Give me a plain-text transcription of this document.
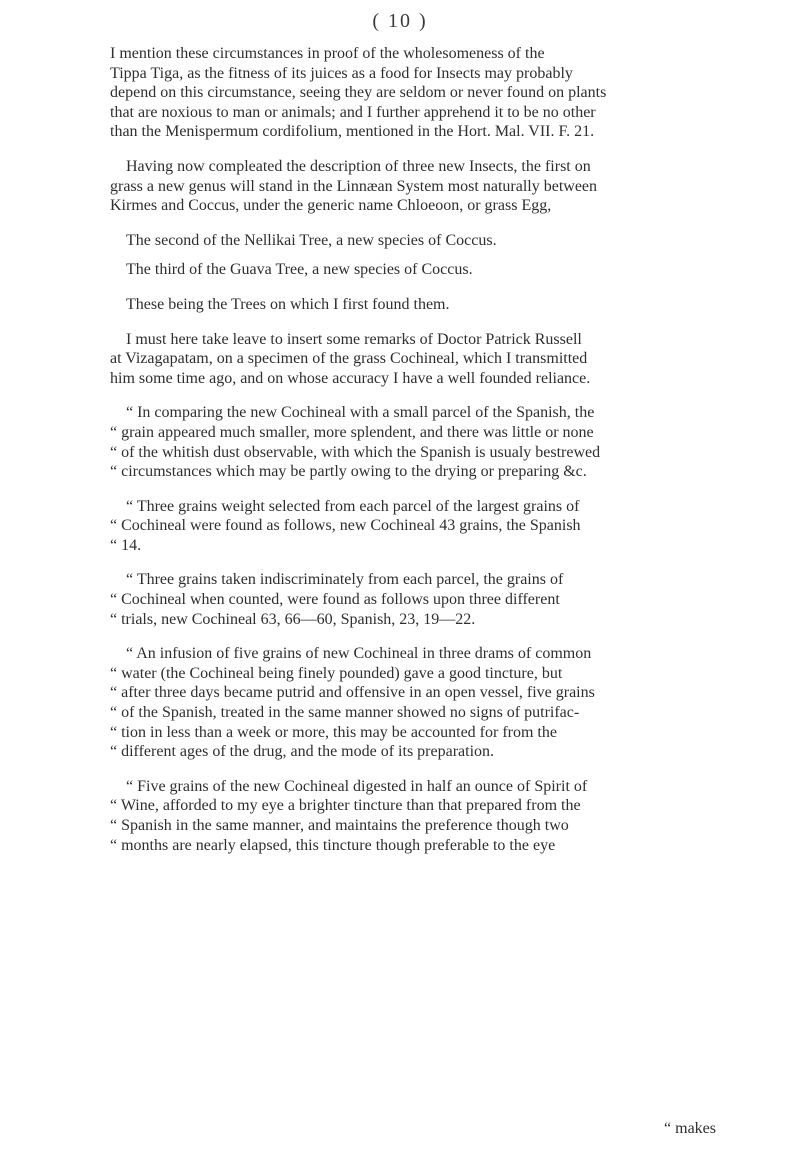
( 10 )
I mention these circumstances in proof of the wholesomeness of the
Tippa Tiga, as the fitness of its juices as a food for Insects may probably
depend on this circumstance, seeing they are seldom or never found on plants
that are noxious to man or animals; and I further apprehend it to be no other
than the Menispermum cordifolium, mentioned in the Hort. Mal. VII. F. 21.
Having now compleated the description of three new Insects, the first on
grass a new genus will stand in the Linnæan System most naturally between
Kirmes and Coccus, under the generic name Chloeoon, or grass Egg,
The second of the Nellikai Tree, a new species of Coccus.
The third of the Guava Tree, a new species of Coccus.
These being the Trees on which I first found them.
I must here take leave to insert some remarks of Doctor Patrick Russell
at Vizagapatam, on a specimen of the grass Cochineal, which I transmitted
him some time ago, and on whose accuracy I have a well founded reliance.
“ In comparing the new Cochineal with a small parcel of the Spanish, the
“ grain appeared much smaller, more splendent, and there was little or none
“ of the whitish dust observable, with which the Spanish is usualy bestrewed
“ circumstances which may be partly owing to the drying or preparing &c.
“ Three grains weight selected from each parcel of the largest grains of
“ Cochineal were found as follows, new Cochineal 43 grains, the Spanish
“ 14.
“ Three grains taken indiscriminately from each parcel, the grains of
“ Cochineal when counted, were found as follows upon three different
“ trials, new Cochineal 63, 66—60, Spanish, 23, 19—22.
“ An infusion of five grains of new Cochineal in three drams of common
“ water (the Cochineal being finely pounded) gave a good tincture, but
“ after three days became putrid and offensive in an open vessel, five grains
“ of the Spanish, treated in the same manner showed no signs of putrifac-
“ tion in less than a week or more, this may be accounted for from the
“ different ages of the drug, and the mode of its preparation.
“ Five grains of the new Cochineal digested in half an ounce of Spirit of
“ Wine, afforded to my eye a brighter tincture than that prepared from the
“ Spanish in the same manner, and maintains the preference though two
“ months are nearly elapsed, this tincture though preferable to the eye
“ makes
